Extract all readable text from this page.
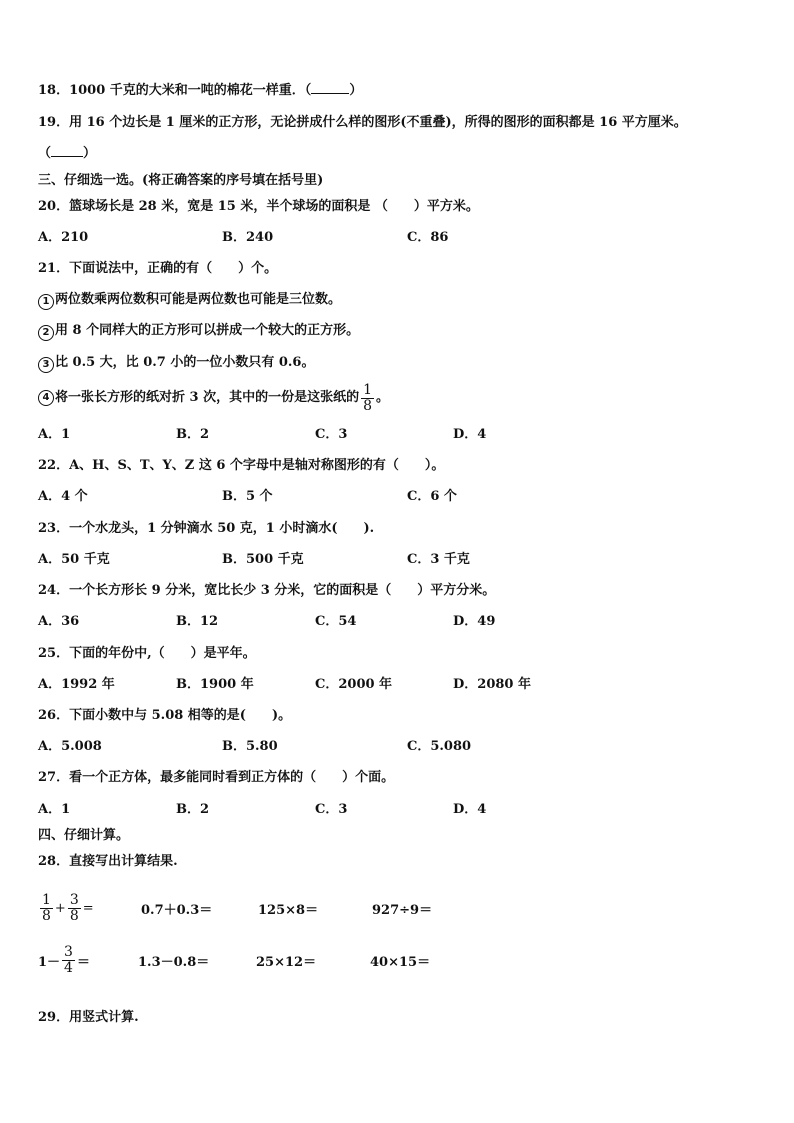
18．1000 千克的大米和一吨的棉花一样重．（	）
19．用 16 个边长是 1 厘米的正方形，无论拼成什么样的图形(不重叠)，所得的图形的面积都是 16 平方厘米。
（ ）
三、仔细选一选。(将正确答案的序号填在括号里)
20．篮球场长是 28 米，宽是 15 米，半个球场的面积是 （　　）平方米。
A．210	B．240	C．86
21．下面说法中，正确的有（　　）个。
1 两位数乘两位数积可能是两位数也可能是三位数。
2 用 8 个同样大的正方形可以拼成一个较大的正方形。
3 比 0.5 大，比 0.7 小的一位小数只有 0.6。
4 将一张长方形的纸对折 3 次，其中的一份是这张纸的 $\frac{1}{8}$ 。
A．1	B．2	C．3	D．4
22．A、H、S、T、Y、Z 这 6 个字母中是轴对称图形的有（　　）。
A．4 个	B．5 个	C．6 个
23．一个水龙头，1 分钟滴水 50 克，1 小时滴水(　　).
A．50 千克	B．500 千克	C．3 千克
24．一个长方形长 9 分米，宽比长少 3 分米，它的面积是（　　）平方分米。
A．36	B．12	C．54	D．49
25．下面的年份中,（　　）是平年。
A．1992 年	B．1900 年	C．2000 年	D．2080 年
26．下面小数中与 5.08 相等的是(　　)。
A．5.008	B．5.80	C．5.080
27．看一个正方体，最多能同时看到正方体的（　　）个面。
A．1	B．2	C．3	D．4
四、仔细计算。
28．直接写出计算结果.
$\frac{1}{8} + \frac{3}{8}$ =	0.7＋0.3＝	125×8＝	927÷9＝
$1- \frac{3}{4}$ ＝	1.3－0.8＝	25×12＝	40×15＝
29．用竖式计算.
